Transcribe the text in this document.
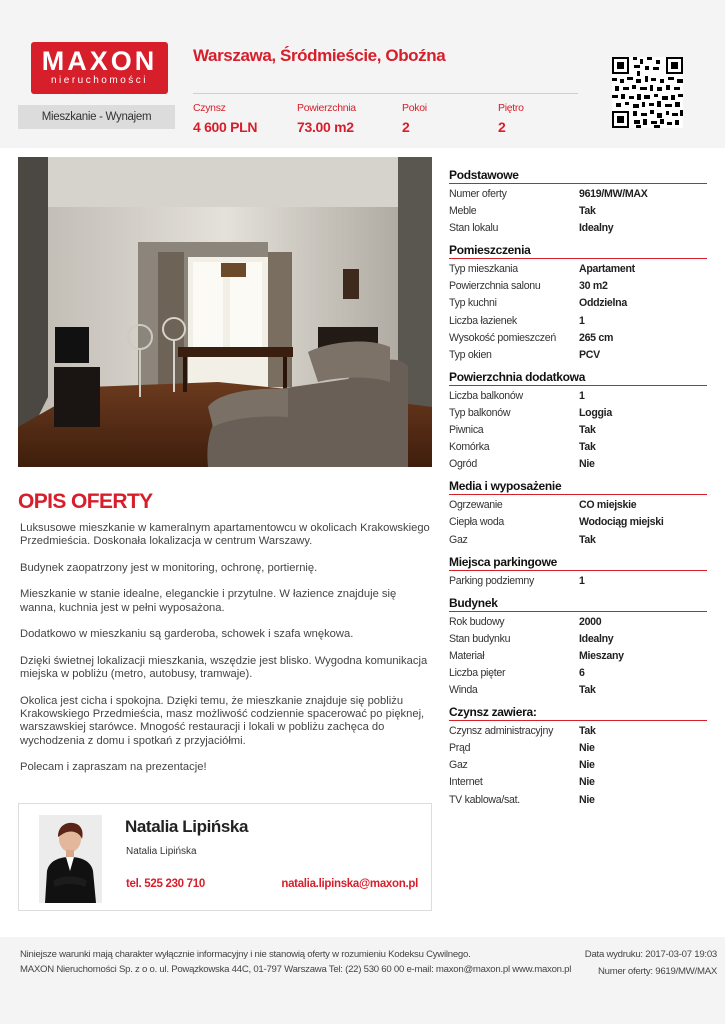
MAXON
nieruchomości
Warszawa, Śródmieście, Oboźna
Mieszkanie - Wynajem
Czynsz
4 600 PLN
Powierzchnia
73.00 m2
Pokoi
2
Piętro
2
OPIS OFERTY

Luksusowe mieszkanie w kameralnym apartamentowcu w okolicach Krakowskiego Przedmieścia. Doskonała lokalizacja w centrum Warszawy.

Budynek zaopatrzony jest w monitoring, ochronę, portiernię.

Mieszkanie w stanie idealne, eleganckie i przytulne. W łazience znajduje się wanna, kuchnia jest w pełni wyposażona.

Dodatkowo w mieszkaniu są garderoba, schowek i szafa wnękowa.

Dzięki świetnej lokalizacji mieszkania, wszędzie jest blisko. Wygodna komunikacja miejska w pobliżu (metro, autobusy, tramwaje).

Okolica jest cicha i spokojna. Dzięki temu, że mieszkanie znajduje się pobliżu Krakowskiego Przedmieścia, masz możliwość codziennie spacerować po pięknej, warszawskiej starówce. Mnogość restauracji i lokali w pobliżu zachęca do wychodzenia z domu i spotkań z przyjaciółmi.

Polecam i zapraszam na prezentacje!

Natalia Lipińska
Natalia Lipińska
tel. 525 230 710	natalia.lipinska@maxon.pl
Podstawowe
Numer oferty	9619/MW/MAX
Meble	Tak
Stan lokalu	Idealny
Pomieszczenia
Typ mieszkania	Apartament
Powierzchnia salonu	30 m2
Typ kuchni	Oddzielna
Liczba łazienek	1
Wysokość pomieszczeń	265 cm
Typ okien	PCV
Powierzchnia dodatkowa
Liczba balkonów	1
Typ balkonów	Loggia
Piwnica	Tak
Komórka	Tak
Ogród	Nie
Media i wyposażenie
Ogrzewanie	CO miejskie
Ciepła woda	Wodociąg miejski
Gaz	Tak
Miejsca parkingowe
Parking podziemny	1
Budynek
Rok budowy	2000
Stan budynku	Idealny
Materiał	Mieszany
Liczba pięter	6
Winda	Tak
Czynsz zawiera:
Czynsz administracyjny	Tak
Prąd	Nie
Gaz	Nie
Internet	Nie
TV kablowa/sat.	Nie
Niniejsze warunki mają charakter wyłącznie informacyjny i nie stanowią oferty w rozumieniu Kodeksu Cywilnego.
MAXON Nieruchomości Sp. z o o. ul. Powązkowska 44C, 01-797 Warszawa Tel: (22) 530 60 00 e-mail: maxon@maxon.pl www.maxon.pl
Data wydruku: 2017-03-07 19:03
Numer oferty: 9619/MW/MAX
